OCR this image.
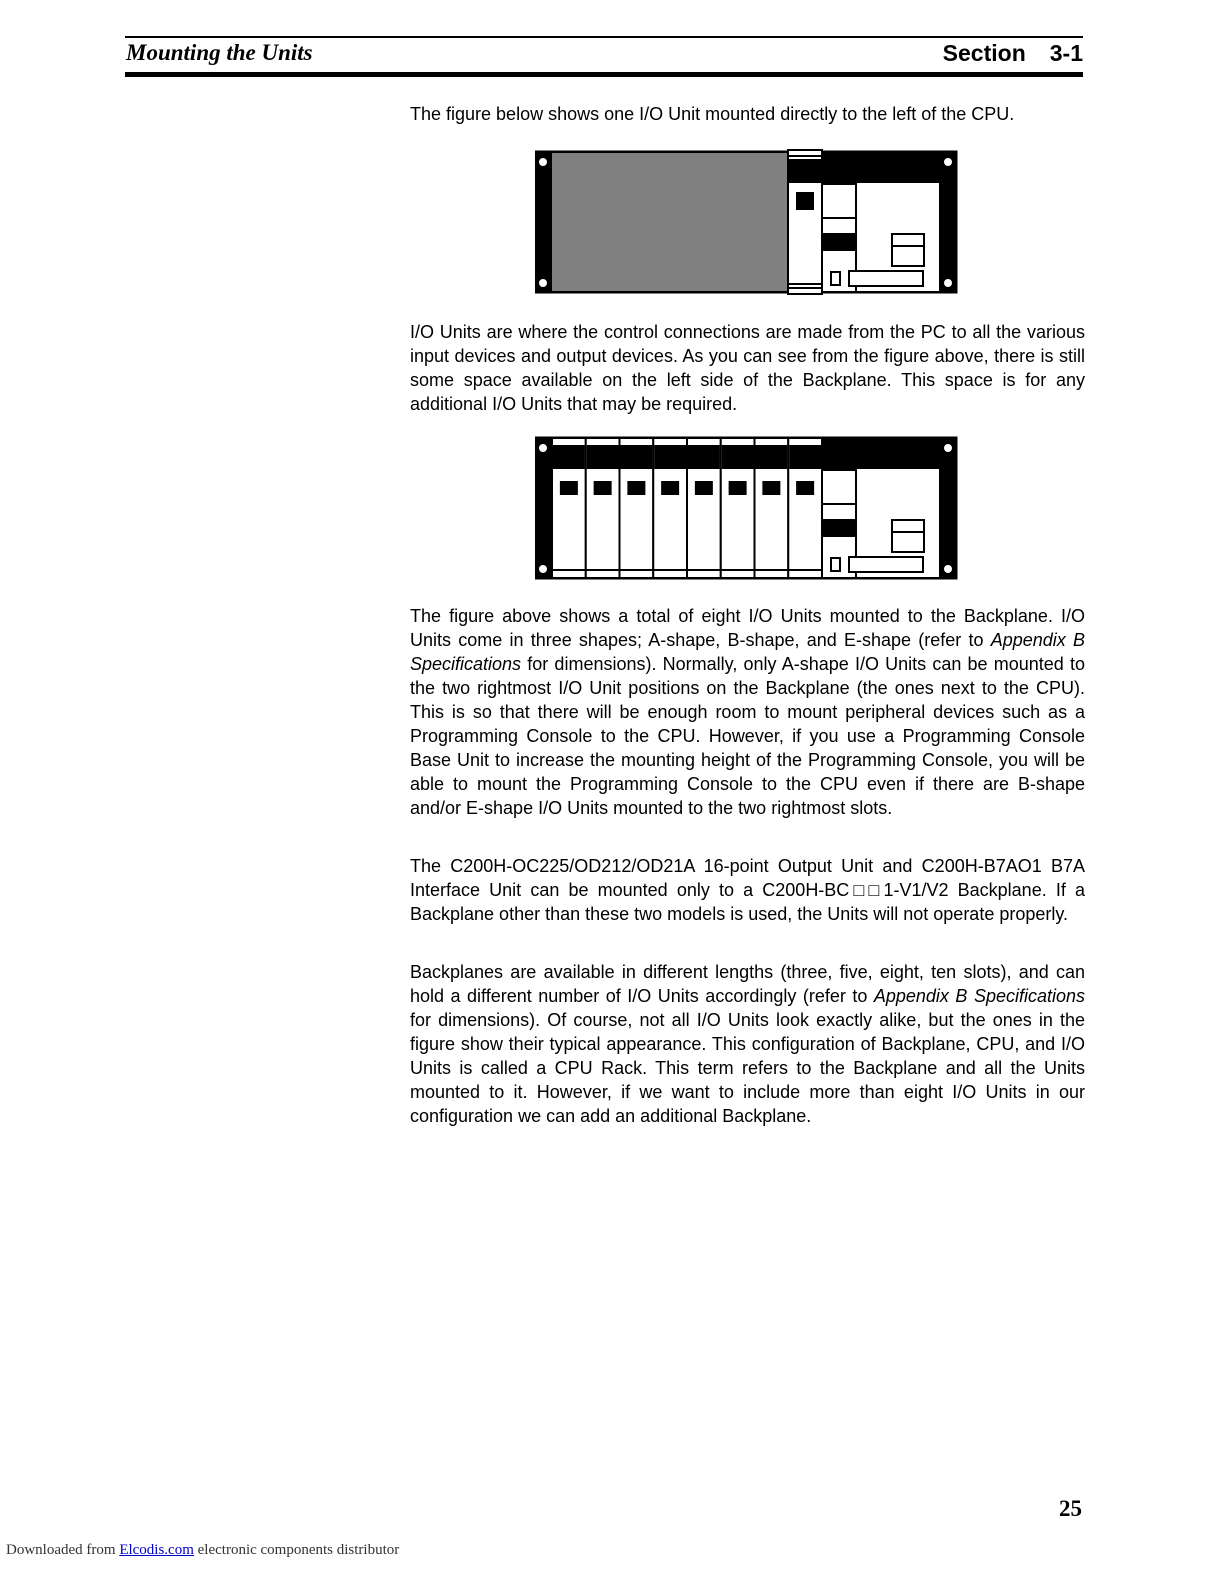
Mounting the Units	Section 3-1

The figure below shows one I/O Unit mounted directly to the left of the CPU.

I/O Units are where the control connections are made from the PC to all the various input devices and output devices. As you can see from the figure above, there is still some space available on the left side of the Backplane. This space is for any additional I/O Units that may be required.

The figure above shows a total of eight I/O Units mounted to the Backplane. I/O Units come in three shapes; A-shape, B-shape, and E-shape (refer to Appendix B Specifications for dimensions). Normally, only A-shape I/O Units can be mounted to the two rightmost I/O Unit positions on the Backplane (the ones next to the CPU). This is so that there will be enough room to mount peripheral devices such as a Programming Console to the CPU. However, if you use a Programming Console Base Unit to increase the mounting height of the Programming Console, you will be able to mount the Programming Console to the CPU even if there are B-shape and/or E-shape I/O Units mounted to the two rightmost slots.

The C200H-OC225/OD212/OD21A 16-point Output Unit and C200H-B7AO1 B7A Interface Unit can be mounted only to a C200H-BC□□1-V1/V2 Backplane. If a Backplane other than these two models is used, the Units will not operate properly.

Backplanes are available in different lengths (three, five, eight, ten slots), and can hold a different number of I/O Units accordingly (refer to Appendix B Specifications for dimensions). Of course, not all I/O Units look exactly alike, but the ones in the figure show their typical appearance. This configuration of Backplane, CPU, and I/O Units is called a CPU Rack. This term refers to the Backplane and all the Units mounted to it. However, if we want to include more than eight I/O Units in our configuration we can add an additional Backplane.

25
Downloaded from Elcodis.com electronic components distributor
